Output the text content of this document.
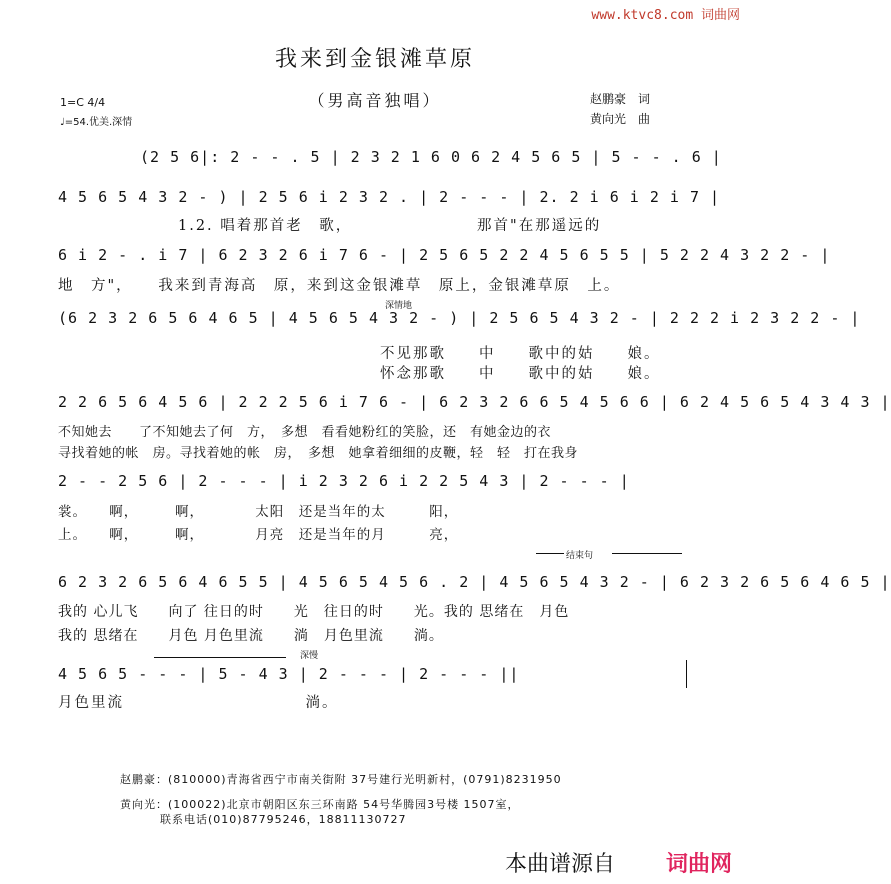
www.ktvc8.com 词曲网
我来到金银滩草原
（男高音独唱）	赵鹏豪　词
黄向光　曲
1=C 4/4
♩=54.优美.深情
(2 5 6|: 2 - - . 5 | 2 3 2 1 6 0 6 2 4 5 6 5 | 5 - - . 6 |
4 5 6 5 4 3 2 - ) | 2 5 6 i 2 3 2 . | 2 - - - | 2. 2 i 6 i 2 i 7 |
1.2. 唱着那首老　歌，　　　　　　　　那首"在那遥远的
6 i 2 - . i 7 | 6 2 3 2 6 i 7 6 - | 2 5 6 5 2 2 4 5 6 5 5 | 5 2 2 4 3 2 2 - |
地　方"，　　我来到青海高　原，来到这金银滩草　原上，金银滩草原　上。
深情地
(6 2 3 2 6 5 6 4 6 5 | 4 5 6 5 4 3 2 - ) | 2 5 6 5 4 3 2 - | 2 2 2 i 2 3 2 2 - |
不见那歌　　中　　歌中的姑　　娘。
怀念那歌　　中　　歌中的姑　　娘。
2 2 6 5 6 4 5 6 | 2 2 2 5 6 i 7 6 - | 6 2 3 2 6 6 5 4 5 6 6 | 6 2 4 5 6 5 4 3 4 3 |
不知她去　　了不知她去了何　方，　多想　看看她粉红的笑脸，还　有她金边的衣
寻找着她的帐　房。寻找着她的帐　房，　多想　她拿着细细的皮鞭，轻　轻　打在我身
2 - - 2 5 6 | 2 - - - | i 2 3 2 6 i 2 2 5 4 3 | 2 - - - |
裳。　　啊，　　　啊，　　　　太阳　还是当年的太　　　阳，
上。　　啊，　　　啊，　　　　月亮　还是当年的月　　　亮，
结束句
6 2 3 2 6 5 6 4 6 5 5 | 4 5 6 5 4 5 6 . 2 | 4 5 6 5 4 3 2 - | 6 2 3 2 6 5 6 4 6 5 |
我的 心儿飞　　向了 往日的时　　光　往日的时　　光。我的 思绪在　月色
我的 思绪在　　月色 月色里流　　淌　月色里流　　淌。
深慢
4 5 6 5 - - - | 5 - 4 3 | 2 - - - | 2 - - - ||
月色里流　　　　　　　　　　　淌。
赵鹏豪：(810000)青海省西宁市南关街附 37号建行光明新村，(0791)8231950
黄向光：(100022)北京市朝阳区东三环南路 54号华腾园3号楼 1507室，
联系电话(010)87795246，18811130727
本曲谱源自 词曲网
